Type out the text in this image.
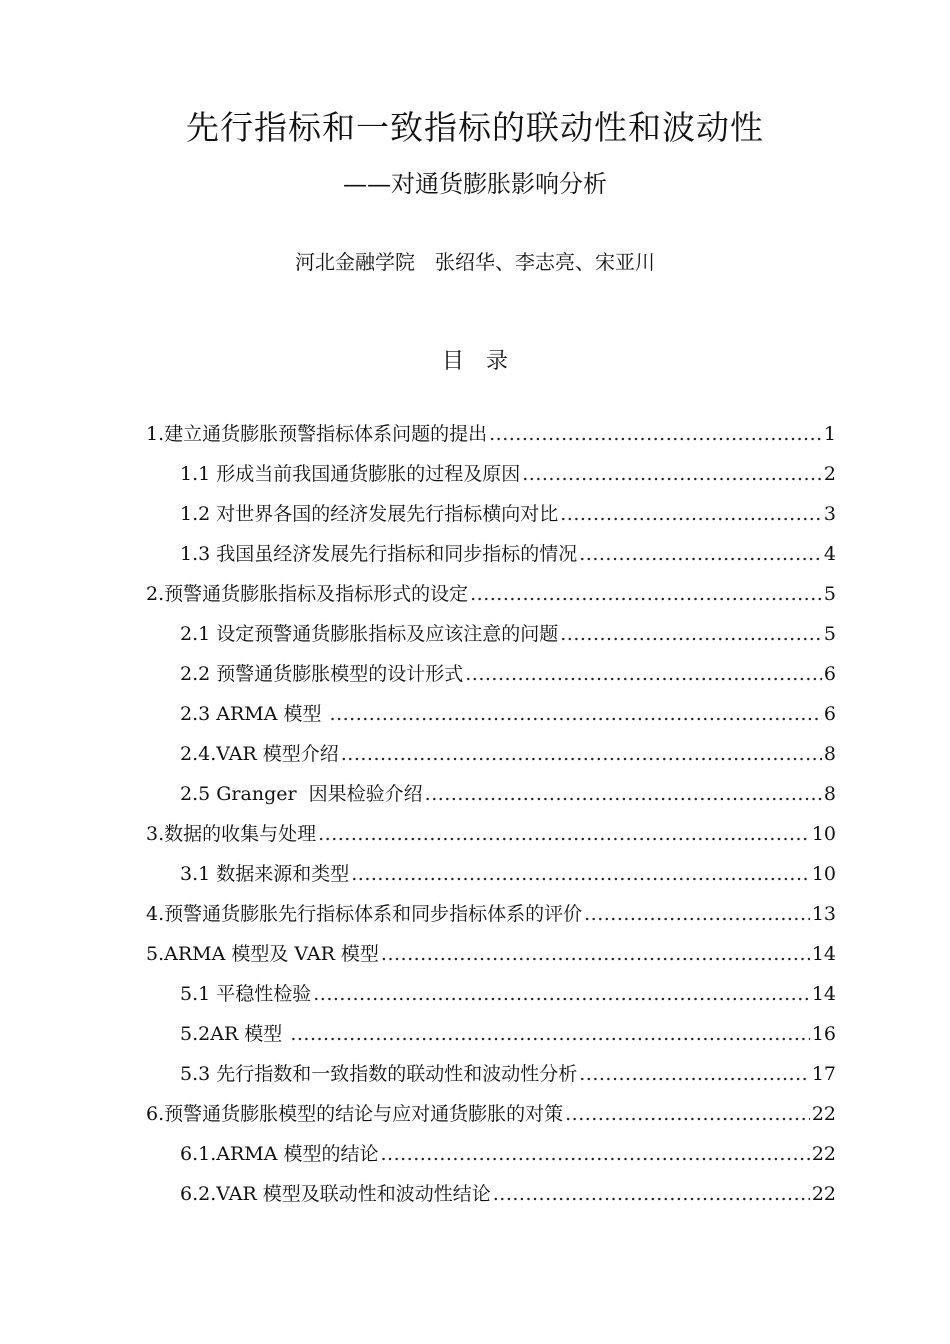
先行指标和一致指标的联动性和波动性
——对通货膨胀影响分析
河北金融学院　张绍华、李志亮、宋亚川
目　录
1.建立通货膨胀预警指标体系问题的提出 .....	1
1.1 形成当前我国通货膨胀的过程及原因 .....	2
1.2 对世界各国的经济发展先行指标横向对比 .....	3
1.3 我国虽经济发展先行指标和同步指标的情况 .....	4
2.预警通货膨胀指标及指标形式的设定 .....	5
2.1 设定预警通货膨胀指标及应该注意的问题 .....	5
2.2 预警通货膨胀模型的设计形式 .....	6
2.3 ARMA 模型 .....	6
2.4.VAR 模型介绍 .....	8
2.5 Granger  因果检验介绍 .....	8
3.数据的收集与处理 .....	10
3.1 数据来源和类型 .....	10
4.预警通货膨胀先行指标体系和同步指标体系的评价 .....	13
5.ARMA 模型及 VAR 模型 .....	14
5.1 平稳性检验 .....	14
5.2AR 模型 .....	16
5.3 先行指数和一致指数的联动性和波动性分析 .....	17
6.预警通货膨胀模型的结论与应对通货膨胀的对策 .....	22
6.1.ARMA 模型的结论 .....	22
6.2.VAR 模型及联动性和波动性结论 .....	22
